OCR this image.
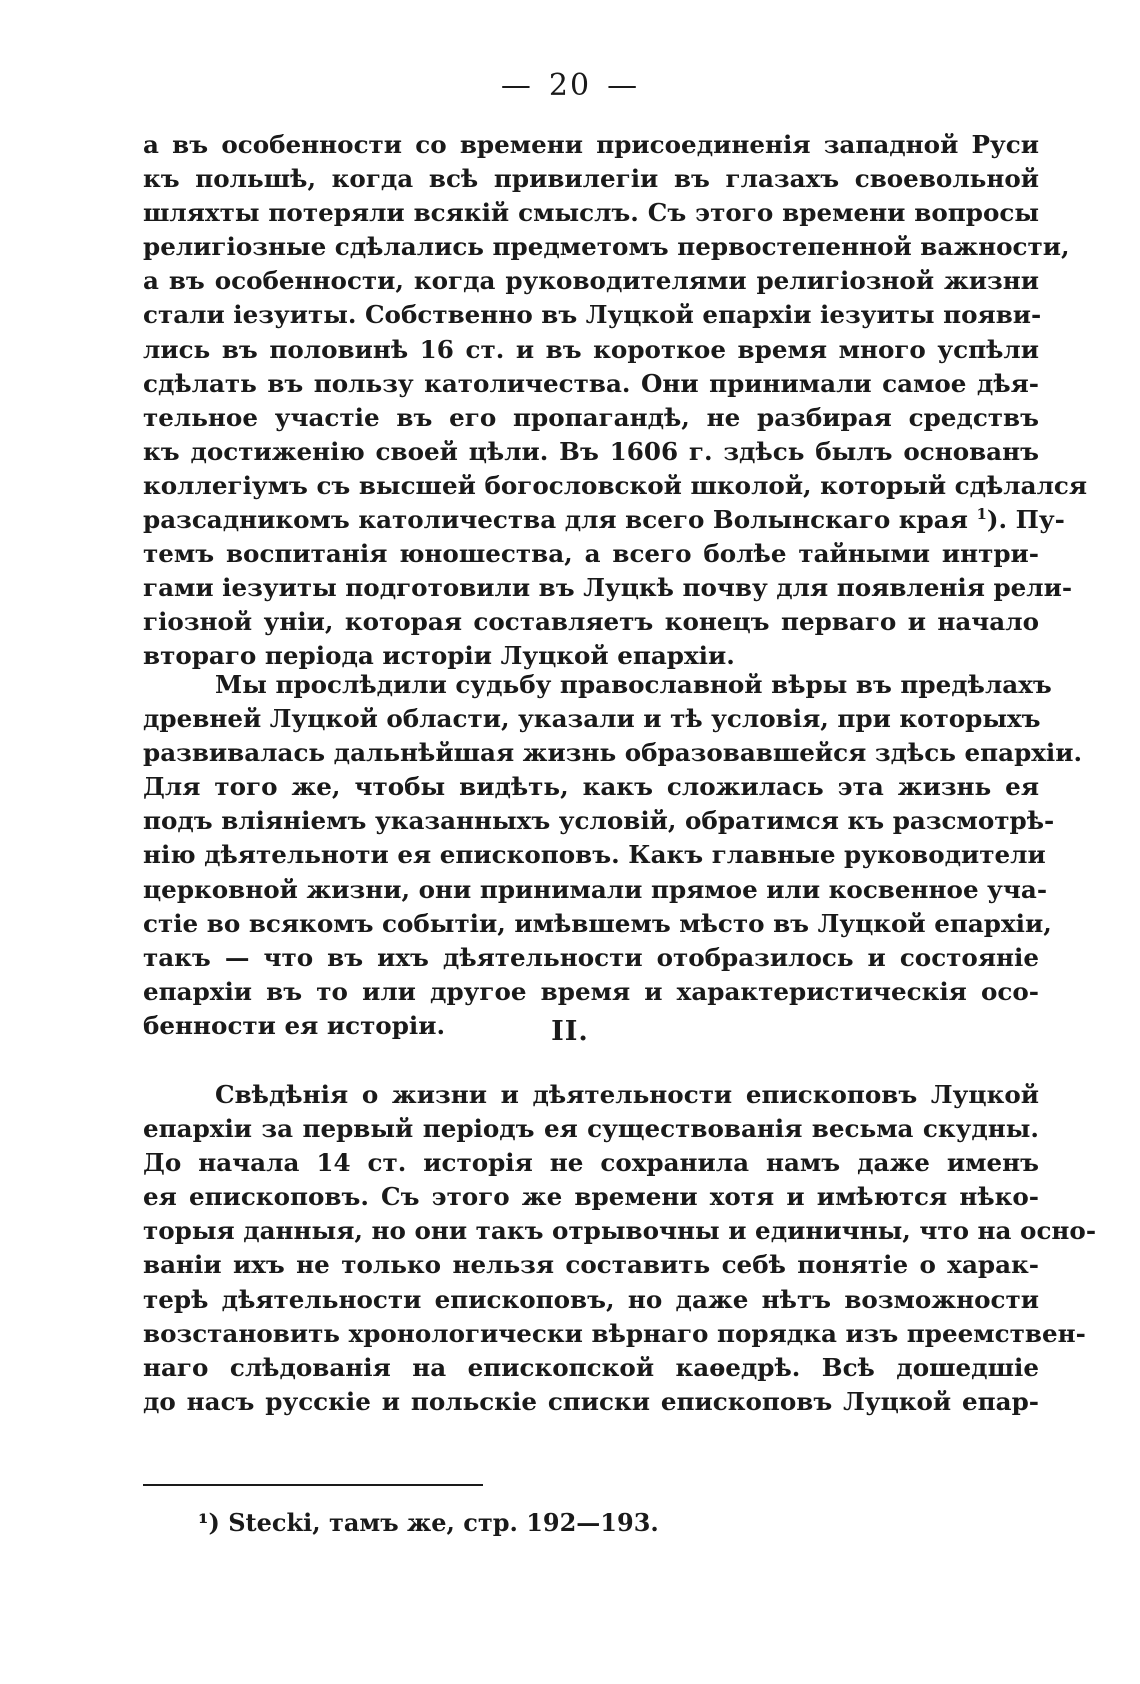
— 20 —
а въ особенности со времени присоединенія западной Руси
къ польшѣ, когда всѣ привилегіи въ глазахъ своевольной
шляхты потеряли всякій смыслъ. Съ этого времени вопросы
религіозные сдѣлались предметомъ первостепенной важности,
а въ особенности, когда руководителями религіозной жизни
стали іезуиты. Собственно въ Луцкой епархіи іезуиты появи-
лись въ половинѣ 16 ст. и въ короткое время много успѣли
сдѣлать въ пользу католичества. Они принимали самое дѣя-
тельное участіе въ его пропагандѣ, не разбирая средствъ
къ достиженію своей цѣли. Въ 1606 г. здѣсь былъ основанъ
коллегіумъ съ высшей богословской школой, который сдѣлался
разсадникомъ католичества для всего Волынскаго края $^1$). Пу-
темъ воспитанія юношества, а всего болѣе тайными интри-
гами іезуиты подготовили въ Луцкѣ почву для появленія рели-
гіозной уніи, которая составляетъ конецъ перваго и начало
втораго періода исторіи Луцкой епархіи.
Мы прослѣдили судьбу православной вѣры въ предѣлахъ
древней Луцкой области, указали и тѣ условія, при которыхъ
развивалась дальнѣйшая жизнь образовавшейся здѣсь епархіи.
Для того же, чтобы видѣть, какъ сложилась эта жизнь ея
подъ вліяніемъ указанныхъ условій, обратимся къ разсмотрѣ-
нію дѣятельноти ея епископовъ. Какъ главные руководители
церковной жизни, они принимали прямое или косвенное уча-
стіе во всякомъ событіи, имѣвшемъ мѣсто въ Луцкой епархіи,
такъ — что въ ихъ дѣятельности отобразилось и состояніе
епархіи въ то или другое время и характеристическія осо-
бенности ея исторіи.	II.
Свѣдѣнія о жизни и дѣятельности епископовъ Луцкой
епархіи за первый періодъ ея существованія весьма скудны.
До начала 14 ст. исторія не сохранила намъ даже именъ
ея епископовъ. Съ этого же времени хотя и имѣются нѣко-
торыя данныя, но они такъ отрывочны и единичны, что на осно-
ваніи ихъ не только нельзя составить себѣ понятіе о харак-
терѣ дѣятельности епископовъ, но даже нѣтъ возможности
возстановить хронологически вѣрнаго порядка изъ преемствен-
наго слѣдованія на епископской каѳедрѣ. Всѣ дошедшіе
до насъ русскіе и польскіе списки епископовъ Луцкой епар-
¹) Stecki, тамъ же, стр. 192—193.
